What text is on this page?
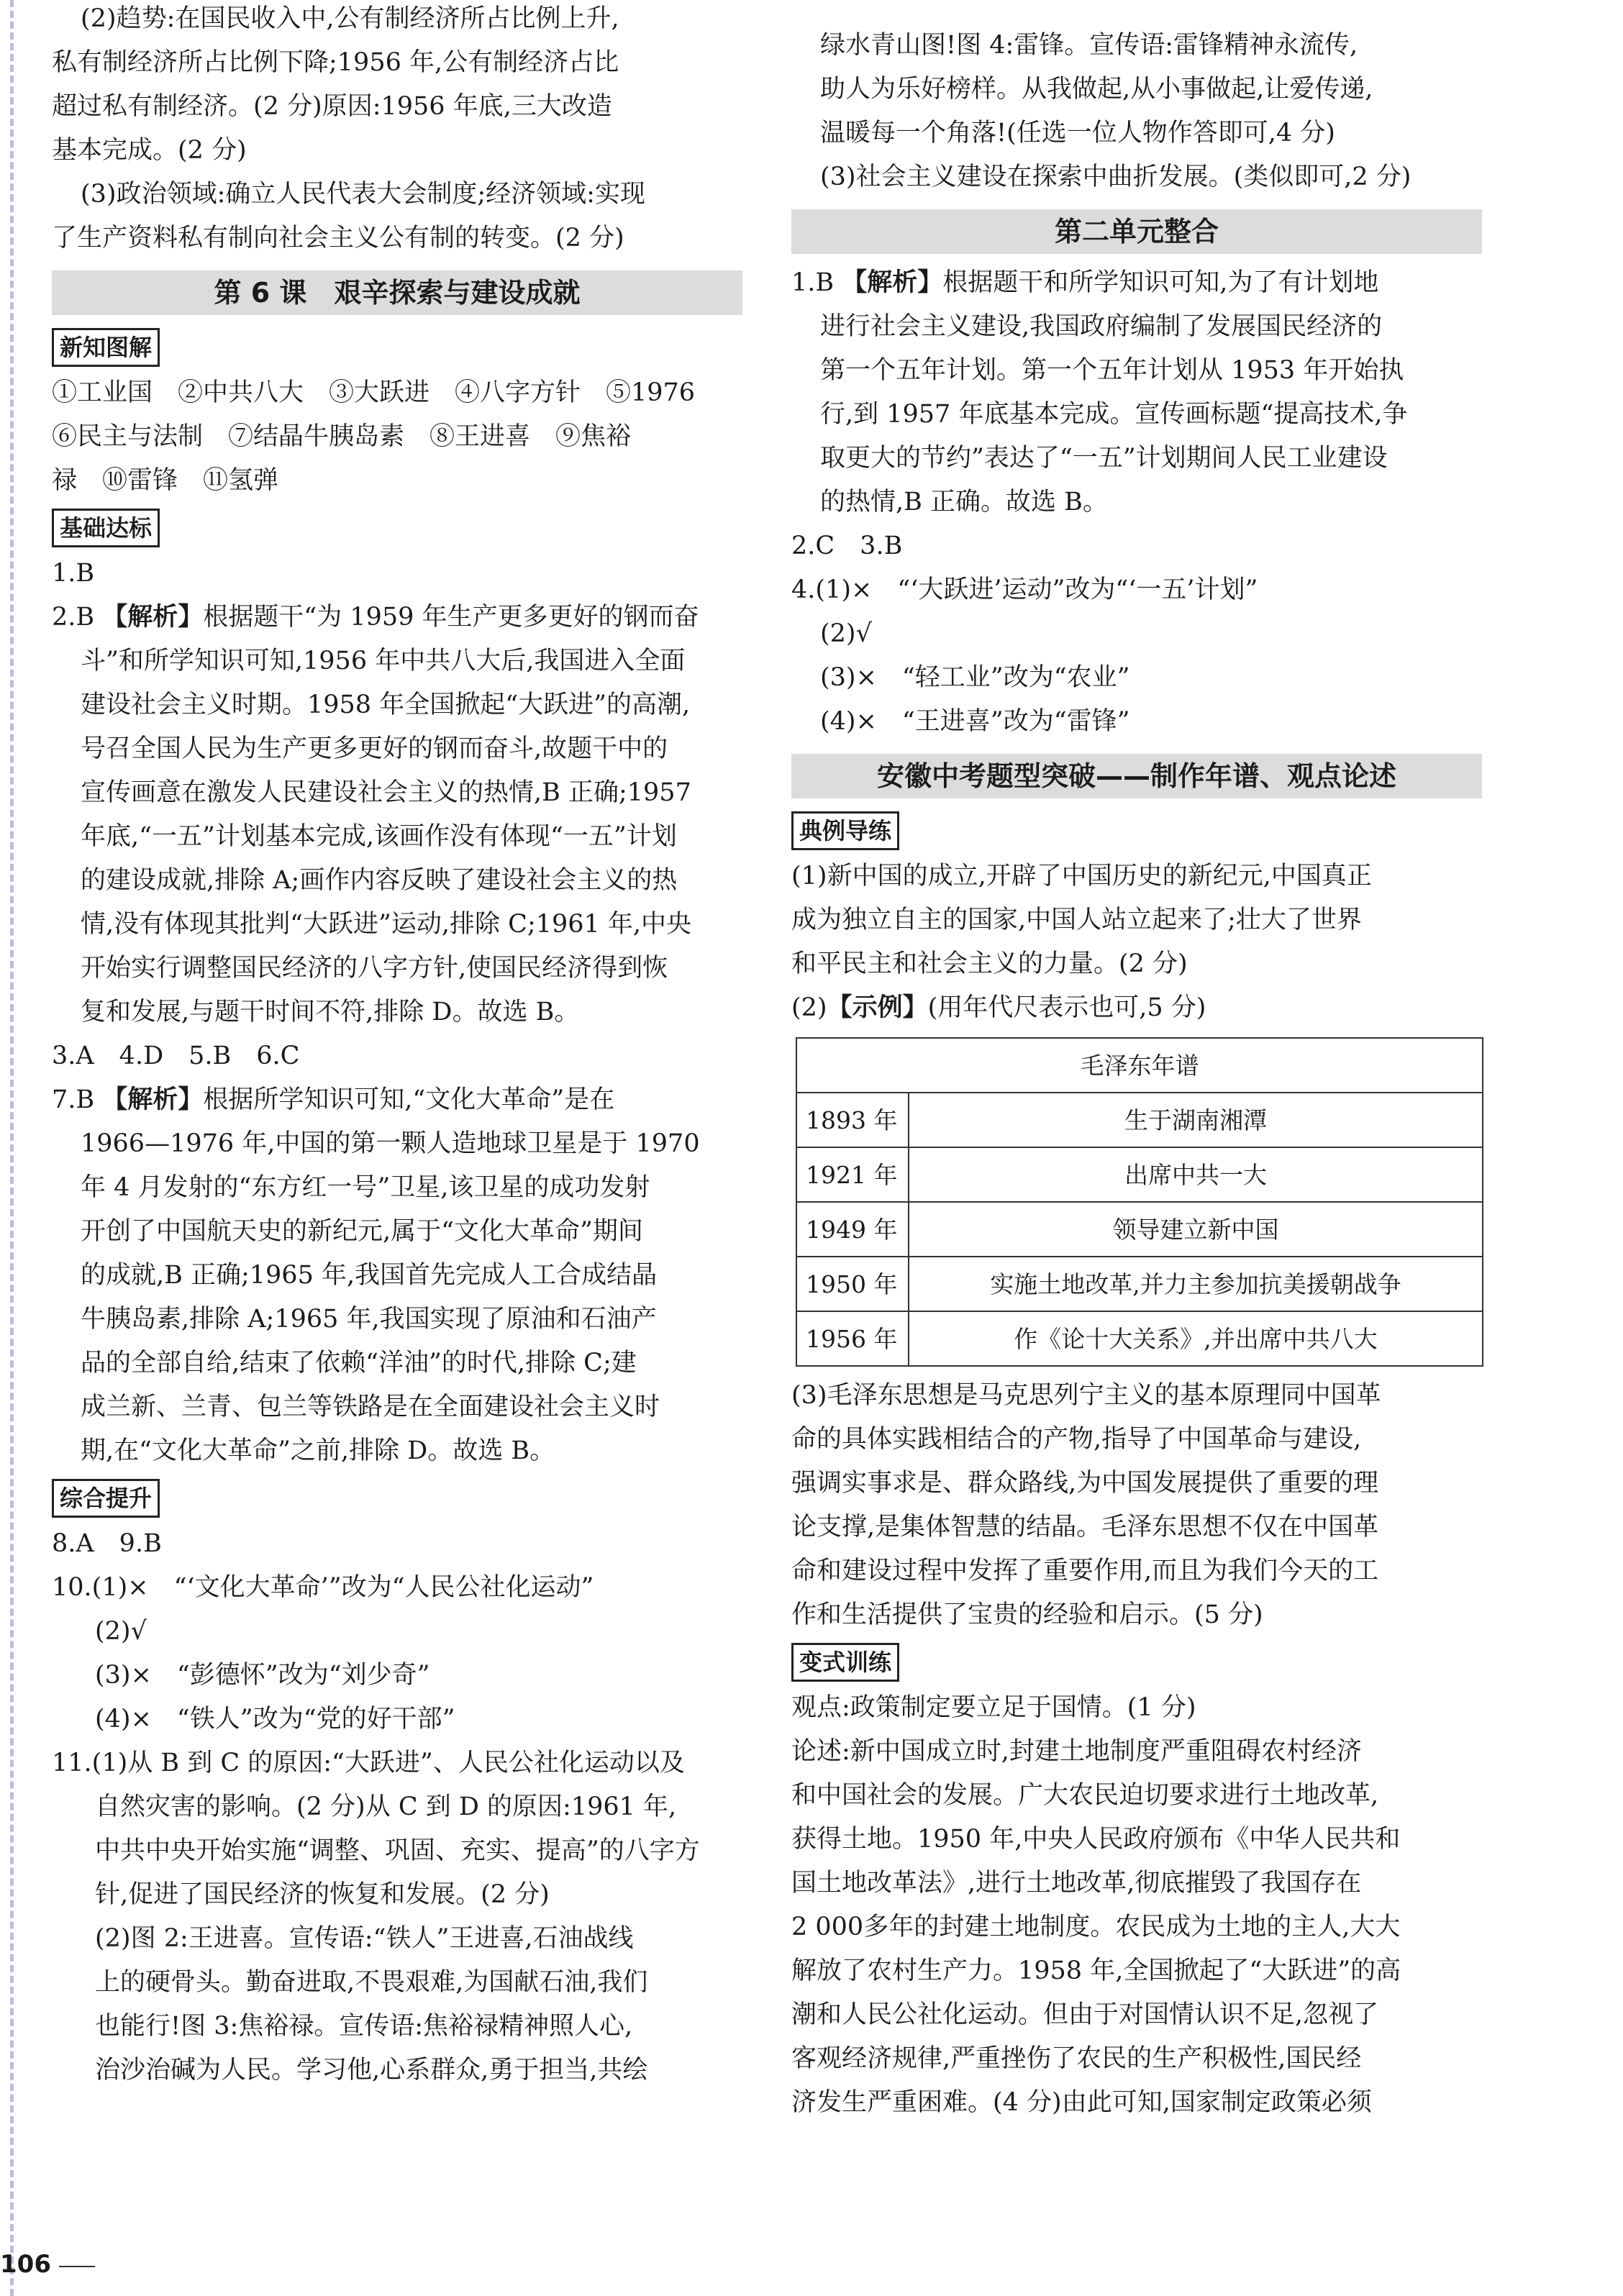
(2)趋势:在国民收入中,公有制经济所占比例上升,

私有制经济所占比例下降;1956 年,公有制经济占比

超过私有制经济。(2 分)原因:1956 年底,三大改造

基本完成。(2 分)

(3)政治领域:确立人民代表大会制度;经济领域:实现

了生产资料私有制向社会主义公有制的转变。(2 分)

第 6 课　艰辛探索与建设成就
新知图解

①工业国　②中共八大　③大跃进　④八字方针　⑤1976

⑥民主与法制　⑦结晶牛胰岛素　⑧王进喜　⑨焦裕

禄　⑩雷锋　⑪氢弹

基础达标

1.B

2.B 【解析】根据题干“为 1959 年生产更多更好的钢而奋

斗”和所学知识可知,1956 年中共八大后,我国进入全面

建设社会主义时期。1958 年全国掀起“大跃进”的高潮,

号召全国人民为生产更多更好的钢而奋斗,故题干中的

宣传画意在激发人民建设社会主义的热情,B 正确;1957

年底,“一五”计划基本完成,该画作没有体现“一五”计划

的建设成就,排除 A;画作内容反映了建设社会主义的热

情,没有体现其批判“大跃进”运动,排除 C;1961 年,中央

开始实行调整国民经济的八字方针,使国民经济得到恢

复和发展,与题干时间不符,排除 D。故选 B。

3.A　4.D　5.B　6.C

7.B 【解析】根据所学知识可知,“文化大革命”是在

1966—1976 年,中国的第一颗人造地球卫星是于 1970

年 4 月发射的“东方红一号”卫星,该卫星的成功发射

开创了中国航天史的新纪元,属于“文化大革命”期间

的成就,B 正确;1965 年,我国首先完成人工合成结晶

牛胰岛素,排除 A;1965 年,我国实现了原油和石油产

品的全部自给,结束了依赖“洋油”的时代,排除 C;建

成兰新、兰青、包兰等铁路是在全面建设社会主义时

期,在“文化大革命”之前,排除 D。故选 B。

综合提升

8.A　9.B

10.(1)×　“‘文化大革命’”改为“人民公社化运动”

(2)√

(3)×　“彭德怀”改为“刘少奇”

(4)×　“铁人”改为“党的好干部”

11.(1)从 B 到 C 的原因:“大跃进”、人民公社化运动以及

自然灾害的影响。(2 分)从 C 到 D 的原因:1961 年,

中共中央开始实施“调整、巩固、充实、提高”的八字方

针,促进了国民经济的恢复和发展。(2 分)

(2)图 2:王进喜。宣传语:“铁人”王进喜,石油战线

上的硬骨头。勤奋进取,不畏艰难,为国献石油,我们

也能行!图 3:焦裕禄。宣传语:焦裕禄精神照人心,

治沙治碱为人民。学习他,心系群众,勇于担当,共绘

绿水青山图!图 4:雷锋。宣传语:雷锋精神永流传,

助人为乐好榜样。从我做起,从小事做起,让爱传递,

温暖每一个角落!(任选一位人物作答即可,4 分)

(3)社会主义建设在探索中曲折发展。(类似即可,2 分)

第二单元整合

1.B 【解析】根据题干和所学知识可知,为了有计划地

进行社会主义建设,我国政府编制了发展国民经济的

第一个五年计划。第一个五年计划从 1953 年开始执

行,到 1957 年底基本完成。宣传画标题“提高技术,争

取更大的节约”表达了“一五”计划期间人民工业建设

的热情,B 正确。故选 B。

2.C　3.B

4.(1)×　“‘大跃进’运动”改为“‘一五’计划”

(2)√

(3)×　“轻工业”改为“农业”

(4)×　“王进喜”改为“雷锋”

安徽中考题型突破——制作年谱、观点论述
典例导练

(1)新中国的成立,开辟了中国历史的新纪元,中国真正

成为独立自主的国家,中国人站立起来了;壮大了世界

和平民主和社会主义的力量。(2 分)

(2)【示例】(用年代尺表示也可,5 分)

毛泽东年谱	
1893 年	生于湖南湘潭
1921 年	出席中共一大
1949 年	领导建立新中国
1950 年	实施土地改革,并力主参加抗美援朝战争
1956 年	作《论十大关系》,并出席中共八大

(3)毛泽东思想是马克思列宁主义的基本原理同中国革

命的具体实践相结合的产物,指导了中国革命与建设,

强调实事求是、群众路线,为中国发展提供了重要的理

论支撑,是集体智慧的结晶。毛泽东思想不仅在中国革

命和建设过程中发挥了重要作用,而且为我们今天的工

作和生活提供了宝贵的经验和启示。(5 分)

变式训练

观点:政策制定要立足于国情。(1 分)

论述:新中国成立时,封建土地制度严重阻碍农村经济

和中国社会的发展。广大农民迫切要求进行土地改革,

获得土地。1950 年,中央人民政府颁布《中华人民共和

国土地改革法》,进行土地改革,彻底摧毁了我国存在

2 000多年的封建土地制度。农民成为土地的主人,大大

解放了农村生产力。1958 年,全国掀起了“大跃进”的高

潮和人民公社化运动。但由于对国情认识不足,忽视了

客观经济规律,严重挫伤了农民的生产积极性,国民经

济发生严重困难。(4 分)由此可知,国家制定政策必须

106
